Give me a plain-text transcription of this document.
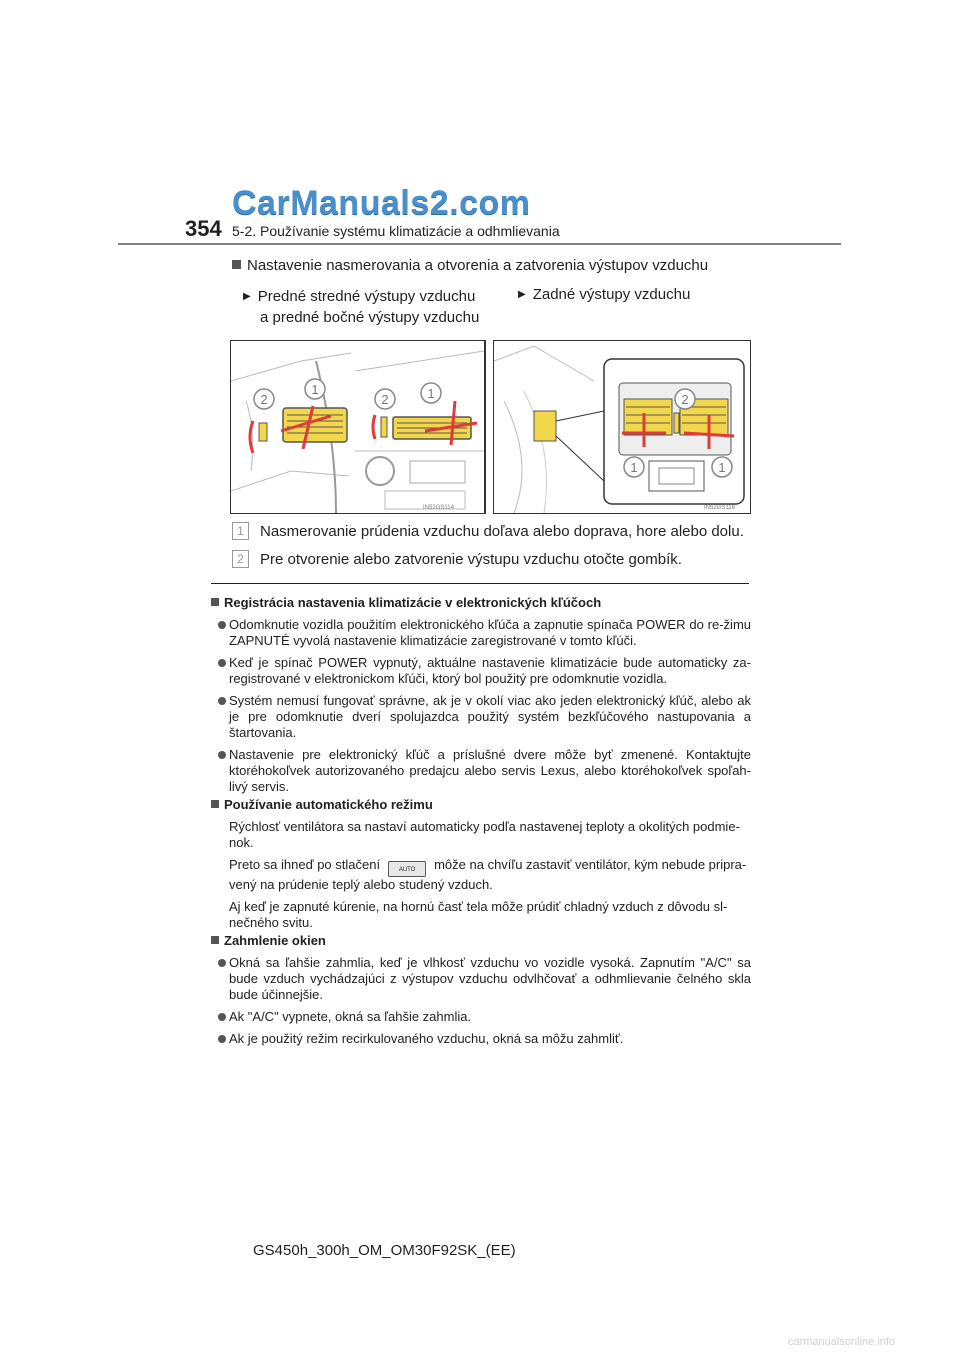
CarManuals2.com
354 5-2. Používanie systému klimatizácie a odhmlievania
Nastavenie nasmerovania a otvorenia a zatvorenia výstupov vzduchu
▶ Predné stredné výstupy vzduchu
a predné bočné výstupy vzduchu
▶ Zadné výstupy vzduchu
2
1
2	1
IN52GS114
2
1	1
IN52GS116
1 Nasmerovanie prúdenia vzduchu doľava alebo doprava, hore alebo dolu.
2 Pre otvorenie alebo zatvorenie výstupu vzduchu otočte gombík.
Registrácia nastavenia klimatizácie v elektronických kľúčoch
Odomknutie vozidla použitím elektronického kľúča a zapnutie spínača POWER do re-žimu ZAPNUTÉ vyvolá nastavenie klimatizácie zaregistrované v tomto kľúči.
Keď je spínač POWER vypnutý, aktuálne nastavenie klimatizácie bude automaticky za-registrované v elektronickom kľúči, ktorý bol použitý pre odomknutie vozidla.
Systém nemusí fungovať správne, ak je v okolí viac ako jeden elektronický kľúč, alebo ak je pre odomknutie dverí spolujazdca použitý systém bezkľúčového nastupovania a štartovania.
Nastavenie pre elektronický kľúč a príslušné dvere môže byť zmenené. Kontaktujte ktoréhokoľvek autorizovaného predajcu alebo servis Lexus, alebo ktoréhokoľvek spoľah-livý servis.
Používanie automatického režimu
Rýchlosť ventilátora sa nastaví automaticky podľa nastavenej teploty a okolitých podmie-nok.
Preto sa ihneď po stlačení	AUTO môže na chvíľu zastaviť ventilátor, kým nebude pripra-
vený na prúdenie teplý alebo studený vzduch.
Aj keď je zapnuté kúrenie, na hornú časť tela môže prúdiť chladný vzduch z dôvodu sl-nečného svitu.
Zahmlenie okien
Okná sa ľahšie zahmlia, keď je vlhkosť vzduchu vo vozidle vysoká. Zapnutím "A/C" sa bude vzduch vychádzajúci z výstupov vzduchu odvlhčovať a odhmlievanie čelného skla bude účinnejšie.
Ak "A/C" vypnete, okná sa ľahšie zahmlia.
Ak je použitý režim recirkulovaného vzduchu, okná sa môžu zahmliť.
GS450h_300h_OM_OM30F92SK_(EE)
carmanualsonline.info
